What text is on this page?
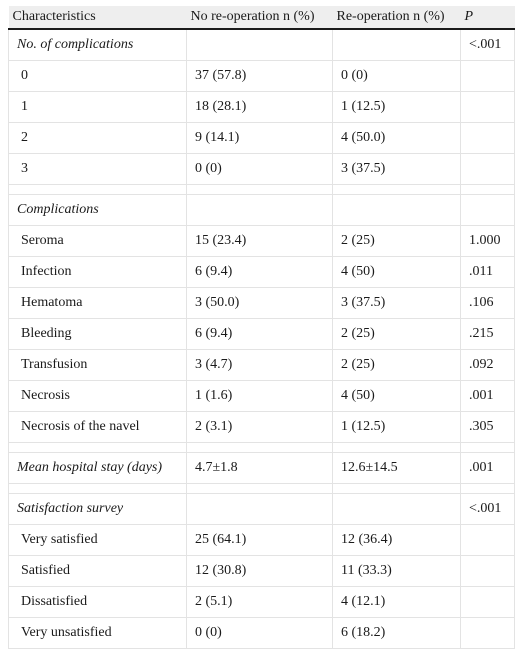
Characteristics	No re-operation n (%)	Re-operation n (%)	P
No. of complications			<.001
0	37 (57.8)	0 (0)	
1	18 (28.1)	1 (12.5)	
2	9 (14.1)	4 (50.0)	
3	0 (0)	3 (37.5)	

Complications			
Seroma	15 (23.4)	2 (25)	1.000
Infection	6 (9.4)	4 (50)	.011
Hematoma	3 (50.0)	3 (37.5)	.106
Bleeding	6 (9.4)	2 (25)	.215
Transfusion	3 (4.7)	2 (25)	.092
Necrosis	1 (1.6)	4 (50)	.001
Necrosis of the navel	2 (3.1)	1 (12.5)	.305

Mean hospital stay (days)	4.7±1.8	12.6±14.5	.001

Satisfaction survey			<.001
Very satisfied	25 (64.1)	12 (36.4)	
Satisfied	12 (30.8)	11 (33.3)	
Dissatisfied	2 (5.1)	4 (12.1)	
Very unsatisfied	0 (0)	6 (18.2)	
